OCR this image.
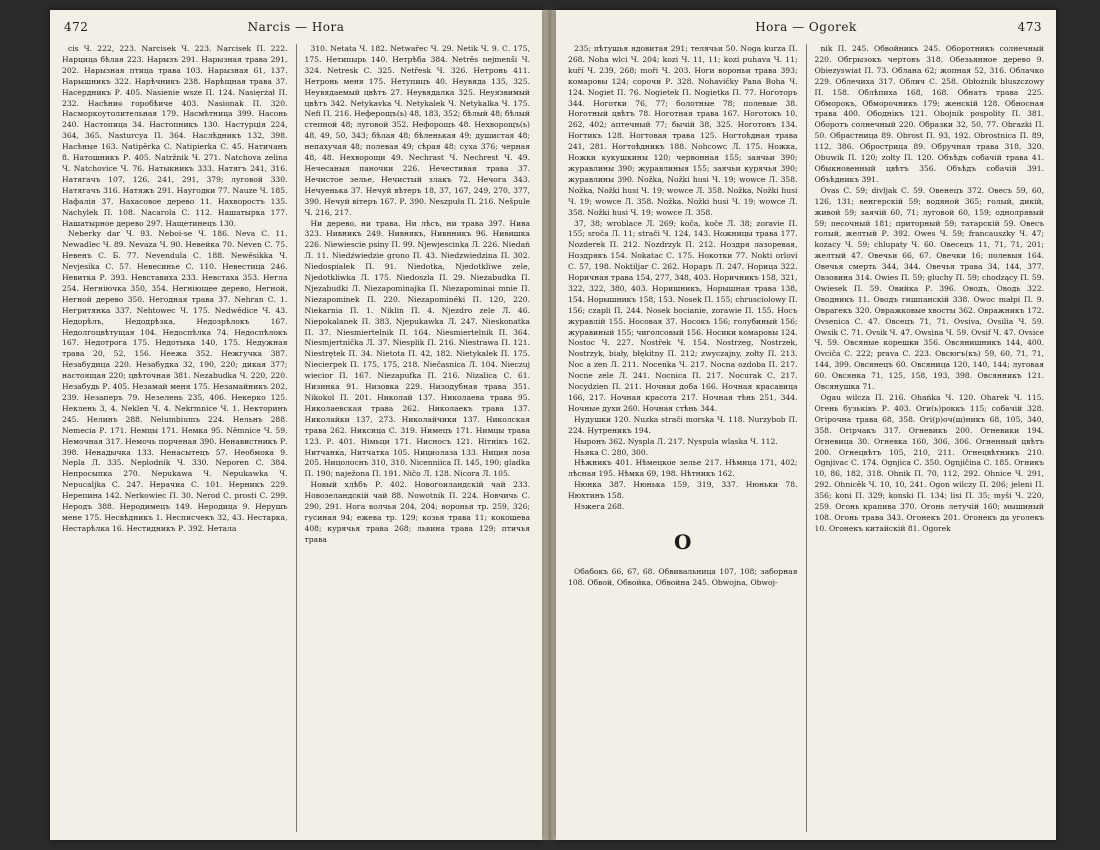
472	Narcis — Hora

cis Ч. 222, 223. Narcisek Ч. 223. Narcisek П. 222. Нарцица бѣлая 223. Нарызъ 291. Нарызная трава 291, 202. Нарызная птица трава 103. Нарызная 61, 137. Нарышникъ 322. Нарѣчникъ 238. Нарѣщная трава 37. Насердникъ Р. 405. Nasienie wsze П. 124. Nasięrżał П. 232. Насѣниѳ горобѣиче 403. Nasionak П. 320. Насморкоутолительная 179. Насмѣтница 399. Насонь 240. Настопица 34. Настопникъ 130. Настурція 224, 364, 365. Nasturcya П. 364. Наслѣдникъ 132, 398. Насѣные 163. Natipěrka С. Natipierka С. 45. Натичанъ 8. Натошникъ Р. 405. Natržnik Ч. 271. Natchova zelina Ч. Natchovice Ч. 76. Натыкникъ 333. Натягъ 241, 316. Натягачъ 107, 126, 241, 291, 379; луговой 330. Натягачъ 316. Натяжъ 291. Наугодки 77. Nauze Ч. 185. Нафалія 37. Нахасовое дерево 11. Нахворостъ 135. Nachylek П. 108. Nacarola С. 112. Нашатырка 177. Нашатырное дерево 297. Нащетинецъ 130.

Neberky dar Ч. 93. Neboі-se Ч. 186. Neva С. 11. Newadlec Ч. 89. Nevaza Ч. 90. Невейка 70. Neven С. 75. Невенъ С. Б. 77. Nevendula С. 188. Newěsikka Ч. Nevjesika С. 57. Невесинье С. 110. Невестица 246. Невитка Р. 393. Невставиха 233. Невстаха 353. Негла 254. Негніючка 350, 354. Негніющее дерево, Негной, Негной дерево 350. Негодная трава 37. Nehran С. 1. Негритянка 337. Nehtowec Ч. 175. Nedwědice Ч. 43. Недорѣлъ, Недодрѣзка, Недозрѣлокъ 167. Недолгоцвѣтущая 104. Недоспѣлка 74. Недоспѣлокъ 167. Недотрога 175. Недотыка 140, 175. Недужная трава 20, 52, 156. Неежа 352. Нежгучка 387. Незабудица 220. Незабудка 32, 190, 220; дикая 377; настоящая 220; цвѣточная 381. Nezabudka Ч. 220, 220. Незабудь Р. 405. Незамай меня 175. Незамайникъ 202, 239. Незаперъ 79. Незелень 235, 406. Некерко 125. Неклень 3, 4. Neklen Ч. 4. Nekrmnice Ч. 1. Некторинъ 245. Нелинъ 288. Nelumbiumъ 224. Нельнъ 288. Nemecia Р. 171. Немцы 171. Немка 95. Němnice Ч. 59. Немочная 317. Немочь порченая 390. Ненавистникъ Р. 398. Ненадычка 133. Ненасытецъ 57. Необмока 9. Nepla Л. 335. Neplodnik Ч. 330. Neporen С. 384. Непросыпка 270. Nepukawa Ч. Nepukawka Ч. Nepucaljka С. 247. Нерачиа С. 101. Нерникъ 229. Нерепина 142. Nerkowiec П. 30. Nerod С. prosti С. 299. Неродъ 388. Неродимецъ 149. Неродица 9. Нерушъ мене 175. Несвѣдникъ 1. Несписчекъ 32, 43. Нестарка, Нестарѣлка 16. Нестидникъ Р. 392. Нетала

310. Netata Ч. 182. Netwařec Ч. 29. Netik Ч. 9. С. 175, 175. Нетипырь 140. Нетрѣба 384. Netrěs nejmenši Ч. 324. Netresk С. 325. Netřesk Ч. 326. Нетронь 411. Нетронь меня 175. Нетупицъ 40. Неувяда 135, 325. Неувядаемый цвѣтъ 27. Неувядалка 325. Неуязвимый цвѣтъ 342. Netykavka Ч. Netykalek Ч. Netykalka Ч. 175. Nefi П. 216. Неферощъ(ь) 48, 183, 352; бѣлый 48; бѣлый степной 48; луговой 352. Нефорощъ 48. Нехворощъ(ь) 48, 49, 50, 343; бѣлая 48; бѣленькая 49; душистая 48; непахучая 48; полевая 49; сѣрая 48; суха 376; черная 48, 48. Нехворощи 49. Nechrast Ч. Nechrest Ч. 49. Нечесаныя паночки 226. Нечестивая трава 37. Нечистое зелье, Нечистый злакъ 72. Нечога 343. Нечуенька 37. Нечуй вѣтеръ 18, 37, 167, 249, 270, 377, 390. Нечуй вітеръ 167. Р. 390. Neszpuła П. 216. Nešpule Ч. 216, 217.

Ни дерево, ни трава. Ни лѣсъ, ни трава 397. Нива 323. Нивникъ 249. Нивнякъ, Нивнникъ 96. Нивишка 226. Niewiescie psiny П. 99. Njewjescinka Л. 226. Niedań Л. 11. Niedźwiedzie grono П. 43. Niedzwiedzina П. 302. Niedospiałek П. 91. Niedotka, Njedotkliwe zele, Njedotkliwka Л. 175. Niedoszla П. 29. Niezabudka П. Njezabudki Л. Niezapominajka П. Niezapominai mnie П. Niezapominek П. 220. Niezapominéki П. 120, 220. Niekarnia П. 1. Niklin П. 4. Njezdro zele Л. 46. Niepokalanek П. 383. Njepukawka Л. 247. Nieskonatka П. 37. Niesmiertelnik П. 164. Niesmiertelnik П. 364. Niesmjertnička Л. 37. Niesplik П. 216. Niestrawa П. 121. Niestrętek П. 34. Nietota П. 42, 182. Nietykalek П. 175. Niecierpek П. 175, 175, 218. Niečasnica Л. 104. Nieczuj wiecior П. 167. Niezapufka П. 216. Nizalica С. 61. Низинка 91. Низовка 229. Низодубная трава 351. Nikokol П. 201. Николай 137. Николаева трава 95. Николаевская трава 262. Николаекъ трава 137. Николайки 137, 273. Николайчики 137. Николская трава 262. Никсица С. 319. Нимецъ 171. Нимцы трава 123. Р. 401. Німьци 171. Нисносъ 121. Нітнікъ 162. Нитчанка, Нитчатка 105. Нициолаза 133. Ниция лоза 205. Ницолоснъ 310, 310. Nicenniica П. 145, 190; gladka П. 190; naježona П. 191. Ničo Л. 128. Nicora Л. 105.

Новый хлѣбъ Р. 402. Новогоиландскій чай 233. Новозеландскій чай 88. Nowotnik П. 224. Новчичь С. 290, 291. Нога волчья 204, 204; воронья тр. 259, 326; гусиная 94; ежева тр. 129; козья трава 11; кокошева 408; курячья трава 268; львина трава 129; птичья трава

Hora — Ogorek	473

235; пѣтушья ядовитая 291; телячья 50. Noga kurza П. 268. Noha wlci Ч. 204; kozi Ч. 11, 11; kozi puhava Ч. 11; kuří Ч. 239, 268; moři Ч. 203. Ноги вороньи трава 393; комаровы 124; сорочи Р. 328. Nohavičky Pana Boha Ч. 124. Nogiet П. 76. Nogietek П. Nogietka П. 77. Ноготоръ 344. Ноготки 76, 77; болотные 78; полевые 38. Ноготный цвѣтъ 78. Ноготная трава 167. Ноготокъ 10, 262, 402; аптечный 77; бычій 38, 325. Ноготонъ 134. Ногтикъ 128. Ногтовая трава 125. Ногтоѣдная трава 241, 281. Ногтоѣдникъ 188. Nohcowc Л. 175. Ножка, Ножки кукушкины 120; червонная 155; заячьи 390; журавлины 390; журавлиныя 155; заячьи курячья 390; журавлины 390. Nožka, Nožki husi Ч. 19; wowce Л. 358. Nožka, Nožki husi Ч. 19; wowce Л. 358. Nožka, Nožki husi Ч. 19; wowce Л. 358. Nožka. Nožki husi Ч. 19; wowce Л. 358. Nožki husi Ч. 19; wowce Л. 358.

37, 38; wroblace Л. 269; koča, koče Л. 38; zoravie П. 155; sroča Л. 11; strači Ч. 124, 143. Ножницы трава 177. Nozderek П. 212. Nozdrzyk П. 212. Ноздря лазоревая, Ноздрякъ 154. Nokatac С. 175. Нокотки 77. Nokti orlovi С. 57, 198. Noktiljar С. 262. Нораръ Л. 247. Норица 322. Норичная трава 154, 277, 348, 403. Норичникъ 158, 321, 322, 322, 380, 403. Норишникъ, Норышная трава 138, 154. Норышникъ 158, 153. Nosek П. 155; chrusciolowy П. 156; czapli П. 244. Nosek bocianie, zorawie П. 155. Носъ журавлій 155. Носовая 37. Носокъ 156; голубиный 156; журавиный 155; чиголсовый 156. Носики комаровы 124. Nostoc Ч. 227. Nostřek Ч. 154. Nostrzeg, Nostrzek, Nostrzyk, biały, błękitny П. 212; zwyczajny, zołty П. 213. Noc a zen Л. 211. Nocenka Ч. 217. Nocna ozdoba П. 217. Nocne zele Л. 241. Nocnica П. 217. Nocurak С. 217. Nocydzien П. 211. Ночная доба 166. Ночная красавица 166, 217. Ночная красота 217. Ночная тѣнь 251, 344. Ночные духи 260. Ночная стѣнь 344.

Нудушки 120. Nuzka strači morska Ч. 118. Nurzybob П. 224. Нутреникъ 194.

Ныронъ 362. Nyspla Л. 217. Nyspula wlaska Ч. 112.

Ньяка С. 280, 300.

Нѣжникъ 401. Нѣмецкое зелье 217. Нѣмица 171, 402; лѣсная 195. Нѣмка 69, 198. Нѣтникъ 162.

Нюнка 387. Нюнька 159, 319, 337. Нюньки 78. Нюхтинъ 158.

Нэжега 268.

O

Обабокъ 66, 67, 68. Обвивальница 107, 108; заборная 108. Обвой, Обвойка, Обвойна 245. Obwojna, Obwoj-

nik П. 245. Обвойникъ 245. Оборотникъ солнечный 220. Обгрызокъ чертовъ 318. Обезьянное дерево 9. Obiezyswiat П. 73. Облана 62; жопная 52, 316. Облачко 229. Облечиха 317. Облич С. 258. Obłożnik bluszczowy П. 158. Облѣпиха 168, 168. Обнатъ трава 225. Обморокъ, Обморочникъ 179; женскій 128. Обносная трава 400. Ободнікъ 121. Obojnik pospolity П. 381. Оборотъ солнечный 220. Образки 32, 50, 77. Obrazki П. 50. Обрастница 89. Obrost П. 93, 192. Obrostnica П. 89, 112, 386. Обрострица 89. Обручная трава 318, 320. Obuwik П. 120; zołty П. 120. Объѣдъ собачій трава 41. Обыкновенный цвѣтъ 356. Объѣдъ собачій 391. Объѣдникъ 391.

Ovas С. 59; divljak С. 59. Овенецъ 372. Овесъ 59, 60, 126, 131; венгерскій 59; водяной 365; голый, дикій, живой 59; заячій 60, 71; луговой 60, 159; однолрявый 59; песочный 181; приторный 59; татарскій 59. Овесъ голый, желтый Р. 392. Owes Ч. 59; francauszky Ч. 47; kozacy Ч. 59; chlupaty Ч. 60. Овесецъ 11, 71, 71, 201; желтый 47. Овечьи 66, 67. Овечки 16; полевыя 164. Овечья смерть 344, 344. Овечья трава 34, 144, 377. Овзовина 314. Owies П. 59; gluchy П. 59; chodzący П. 59. Owiesek П. 59. Овийка Р. 396. Оводъ, Оводь 322. Оводникъ 11. Оводъ гишпанскій 338. Owoc małpi П. 9. Оврагекъ 320. Овражковые хвосты 362. Овражникъ 172. Ovsenica С. 47. Овсецъ 71, 71. Ovsiva, Ovsilia Ч. 59. Owsik С. 71. Ovsik Ч. 47. Owsina Ч. 59. Ovsif Ч. 47. Ovsice Ч. 59. Овсяные корешки 356. Овсянишникъ 144, 400. Ovciča С. 222; prava С. 223. Овсюгъ(къ) 59, 60, 71, 71, 144, 399. Овсянецъ 60. Овсяница 120, 140, 144; луговая 60. Овсянка 71, 125, 158, 193, 398. Овсянникъ 121. Овсянушка 71.

Ogau wilcza П. 216. Ohańka Ч. 120. Oharek Ч. 115. Огень бузьківъ Р. 403. Оги(ь)роккъ 115; собачій 328. Огірочна трава 68, 358. Огі(р)оч(ш)никъ 68, 105, 340, 358. Огірчакъ 317. Огневикъ 200. Огневики 194. Огневица 30. Огневка 160, 306, 306. Огненный цвѣтъ 200. Огнецвѣтъ 105, 210, 211. Огнецвѣтникъ 210. Ognjivac С. 174. Ognjica С. 350. Ognjičina С. 185. Огникъ 10, 86, 182, 318. Ohnik П. 70, 112, 292. Ohnice Ч. 291, 292. Ohnicěk Ч. 10, 10, 241. Ogon wilczy П. 206; jeleni П. 356; koni П. 329; konski П. 134; lisi П. 35; myši Ч. 220, 259. Огонь крапива 370. Огонь летучій 160; мышиный 108. Огонь трава 343. Огонекъ 201. Огонекъ да уголекъ 10. Огонекъ китайскій 81. Ogorek
